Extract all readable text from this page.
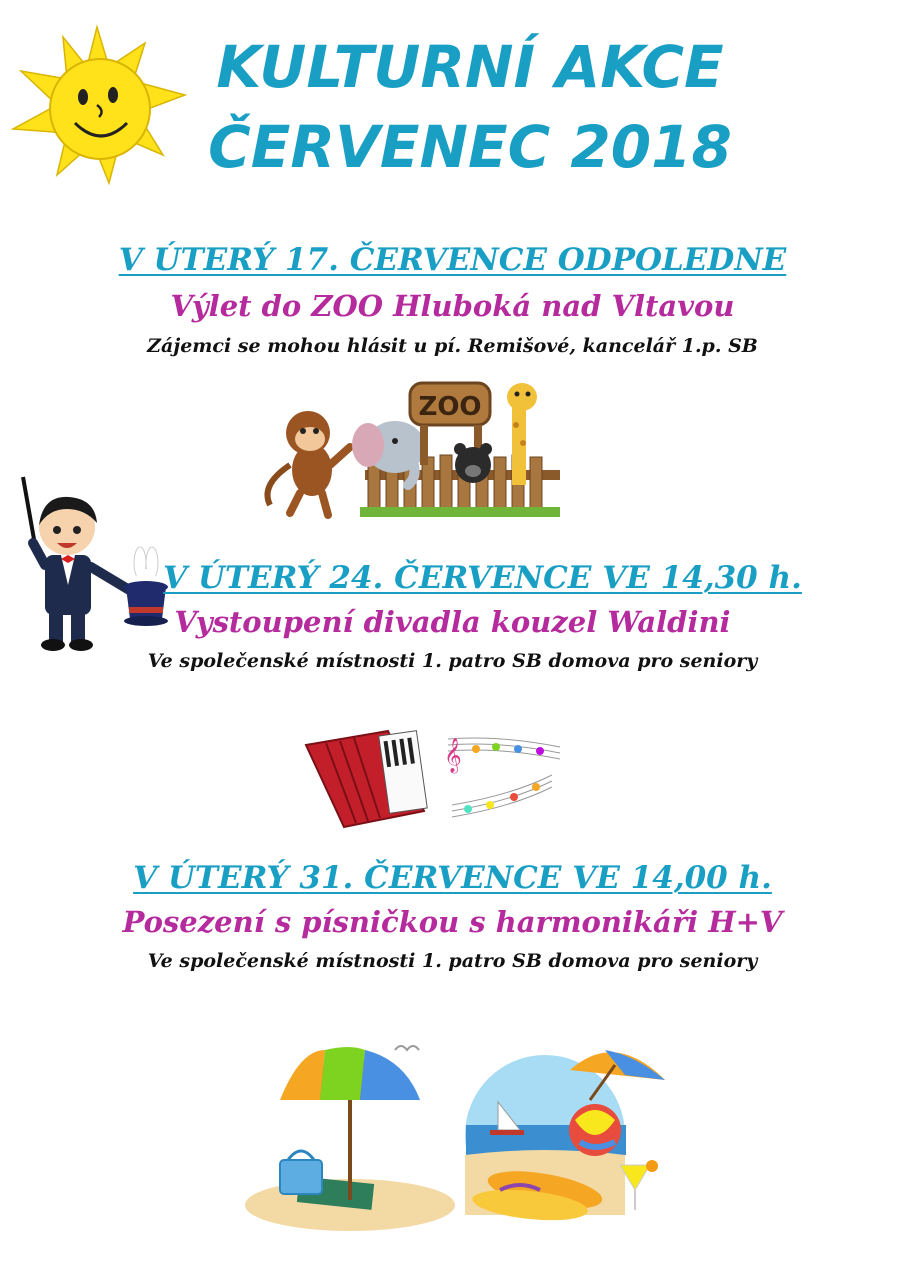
KULTURNÍ AKCE
ČERVENEC 2018
V ÚTERÝ 17. ČERVENCE ODPOLEDNE
Výlet do ZOO Hluboká nad Vltavou
Zájemci se mohou hlásit u pí. Remišové, kancelář 1.p. SB
ZOO
V ÚTERÝ 24. ČERVENCE VE 14,30 h.
Vystoupení divadla kouzel Waldini
Ve společenské místnosti 1. patro SB domova pro seniory
𝄞
V ÚTERÝ 31. ČERVENCE VE 14,00 h.
Posezení s písničkou s harmonikáři H+V
Ve společenské místnosti 1. patro SB domova pro seniory
